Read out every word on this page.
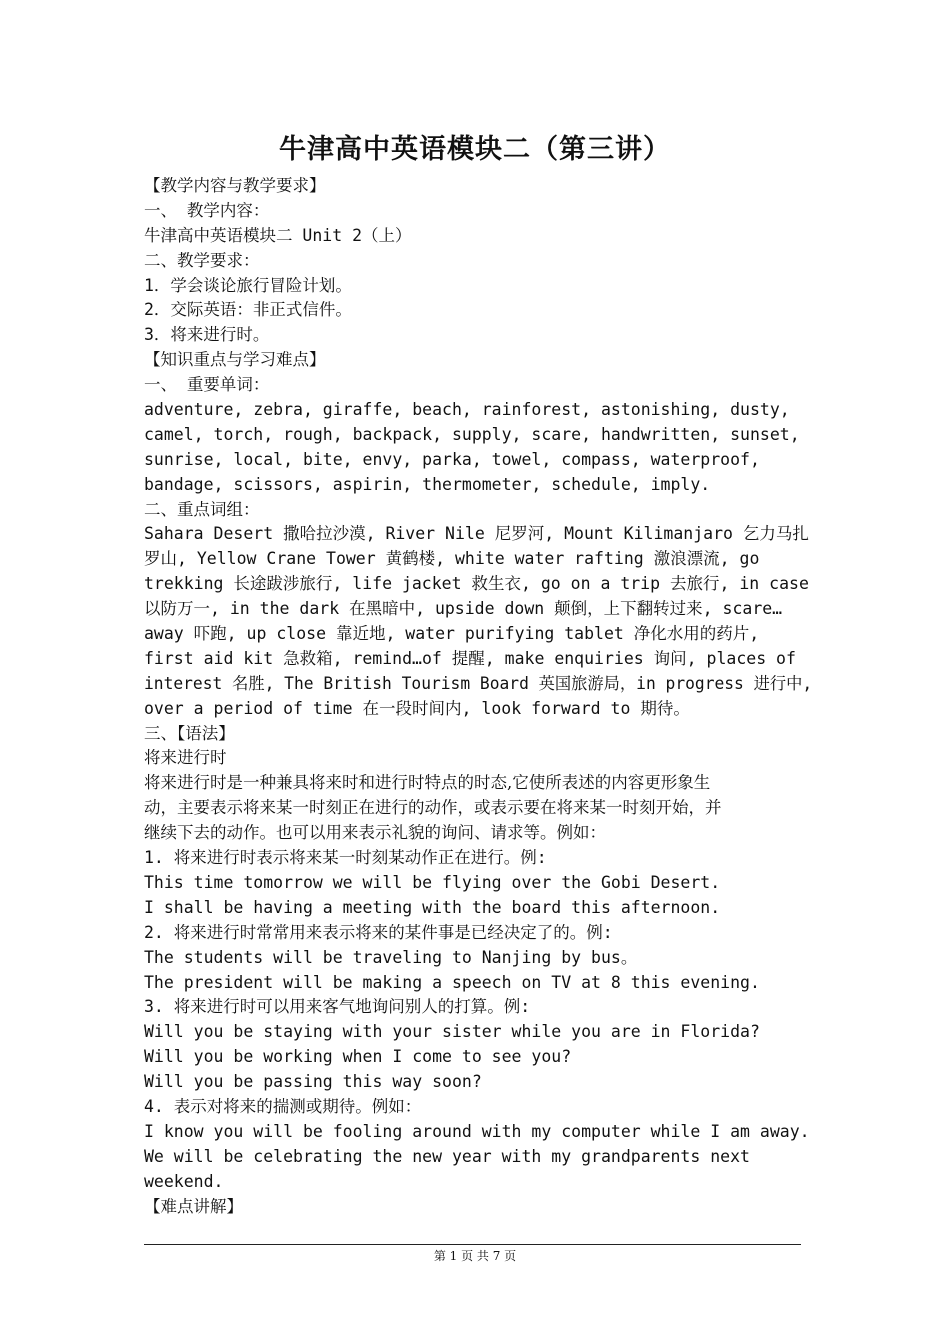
牛津高中英语模块二（第三讲）
【教学内容与教学要求】
一、 教学内容：
牛津高中英语模块二 Unit 2（上）
二、教学要求：
1．学会谈论旅行冒险计划。
2．交际英语：非正式信件。
3．将来进行时。
【知识重点与学习难点】
一、 重要单词：
adventure, zebra, giraffe, beach, rainforest, astonishing, dusty,
camel, torch, rough, backpack, supply, scare, handwritten, sunset,
sunrise, local, bite, envy, parka, towel, compass, waterproof,
bandage, scissors, aspirin, thermometer, schedule, imply.
二、重点词组：
Sahara Desert 撒哈拉沙漠, River Nile 尼罗河, Mount Kilimanjaro 乞力马扎
罗山, Yellow Crane Tower 黄鹤楼, white water rafting 激浪漂流, go
trekking 长途跋涉旅行, life jacket 救生衣, go on a trip 去旅行, in case
以防万一, in the dark 在黑暗中, upside down 颠倒，上下翻转过来, scare…
away 吓跑, up close 靠近地, water purifying tablet 净化水用的药片,
first aid kit 急救箱, remind…of 提醒, make enquiries 询问, places of
interest 名胜, The British Tourism Board 英国旅游局，in progress 进行中,
over a period of time 在一段时间内, look forward to 期待。
三、【语法】
将来进行时
将来进行时是一种兼具将来时和进行时特点的时态,它使所表述的内容更形象生
动，主要表示将来某一时刻正在进行的动作，或表示要在将来某一时刻开始，并
继续下去的动作。也可以用来表示礼貌的询问、请求等。例如：
1. 将来进行时表示将来某一时刻某动作正在进行。例:
This time tomorrow we will be flying over the Gobi Desert.
I shall be having a meeting with the board this afternoon.
2. 将来进行时常常用来表示将来的某件事是已经决定了的。例:
The students will be traveling to Nanjing by bus。
The president will be making a speech on TV at 8 this evening.
3. 将来进行时可以用来客气地询问别人的打算。例:
Will you be staying with your sister while you are in Florida?
Will you be working when I come to see you?
Will you be passing this way soon?
4. 表示对将来的揣测或期待。例如：
I know you will be fooling around with my computer while I am away.
We will be celebrating the new year with my grandparents next
weekend.
【难点讲解】
第 1 页 共 7 页
